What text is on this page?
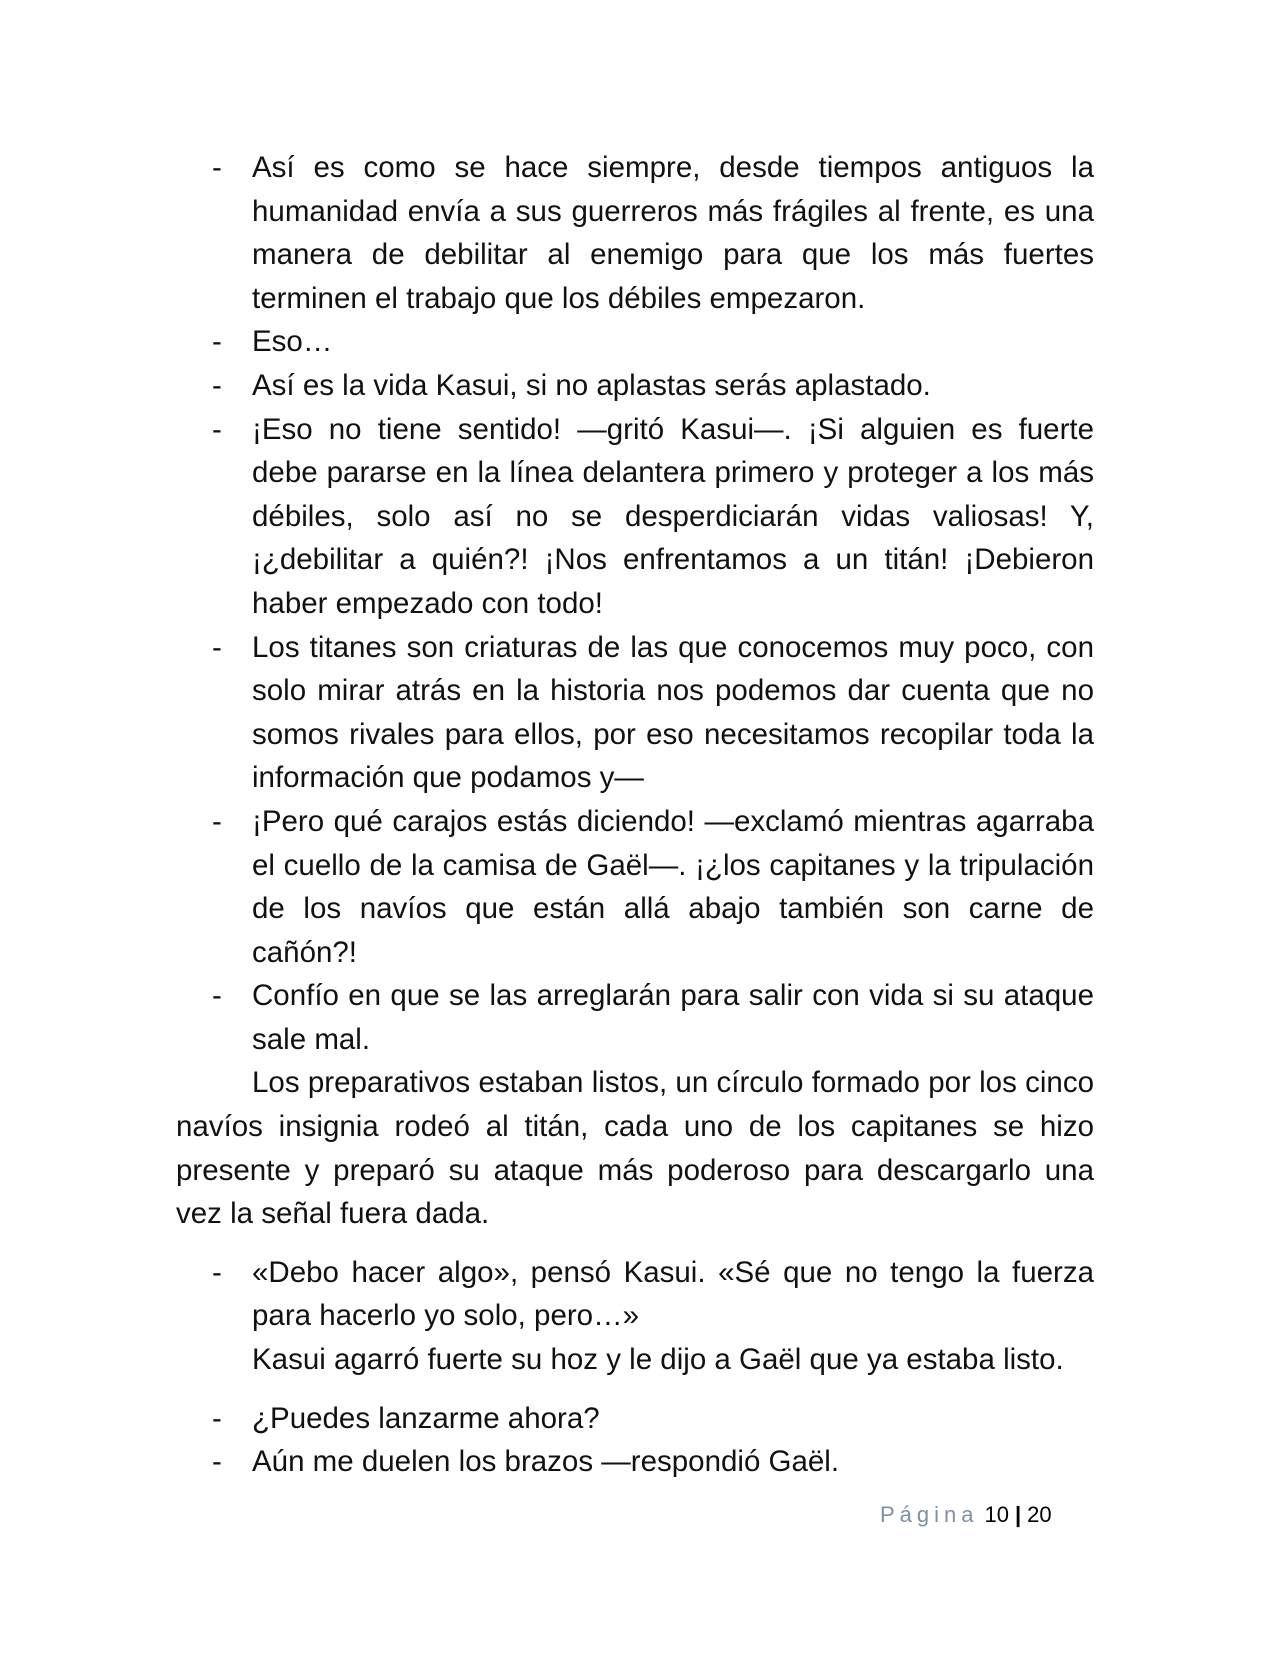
- Así es como se hace siempre, desde tiempos antiguos la humanidad envía a sus guerreros más frágiles al frente, es una manera de debilitar al enemigo para que los más fuertes terminen el trabajo que los débiles empezaron.
- Eso…
- Así es la vida Kasui, si no aplastas serás aplastado.
- ¡Eso no tiene sentido! —gritó Kasui—. ¡Si alguien es fuerte debe pararse en la línea delantera primero y proteger a los más débiles, solo así no se desperdiciarán vidas valiosas! Y, ¡¿debilitar a quién?! ¡Nos enfrentamos a un titán! ¡Debieron haber empezado con todo!
- Los titanes son criaturas de las que conocemos muy poco, con solo mirar atrás en la historia nos podemos dar cuenta que no somos rivales para ellos, por eso necesitamos recopilar toda la información que podamos y—
- ¡Pero qué carajos estás diciendo! —exclamó mientras agarraba el cuello de la camisa de Gaël—. ¡¿los capitanes y la tripulación de los navíos que están allá abajo también son carne de cañón?!
- Confío en que se las arreglarán para salir con vida si su ataque sale mal.

Los preparativos estaban listos, un círculo formado por los cinco navíos insignia rodeó al titán, cada uno de los capitanes se hizo presente y preparó su ataque más poderoso para descargarlo una vez la señal fuera dada.

- «Debo hacer algo», pensó Kasui. «Sé que no tengo la fuerza para hacerlo yo solo, pero…»
Kasui agarró fuerte su hoz y le dijo a Gaël que ya estaba listo.
- ¿Puedes lanzarme ahora?
- Aún me duelen los brazos —respondió Gaël.
Página 10 | 20
